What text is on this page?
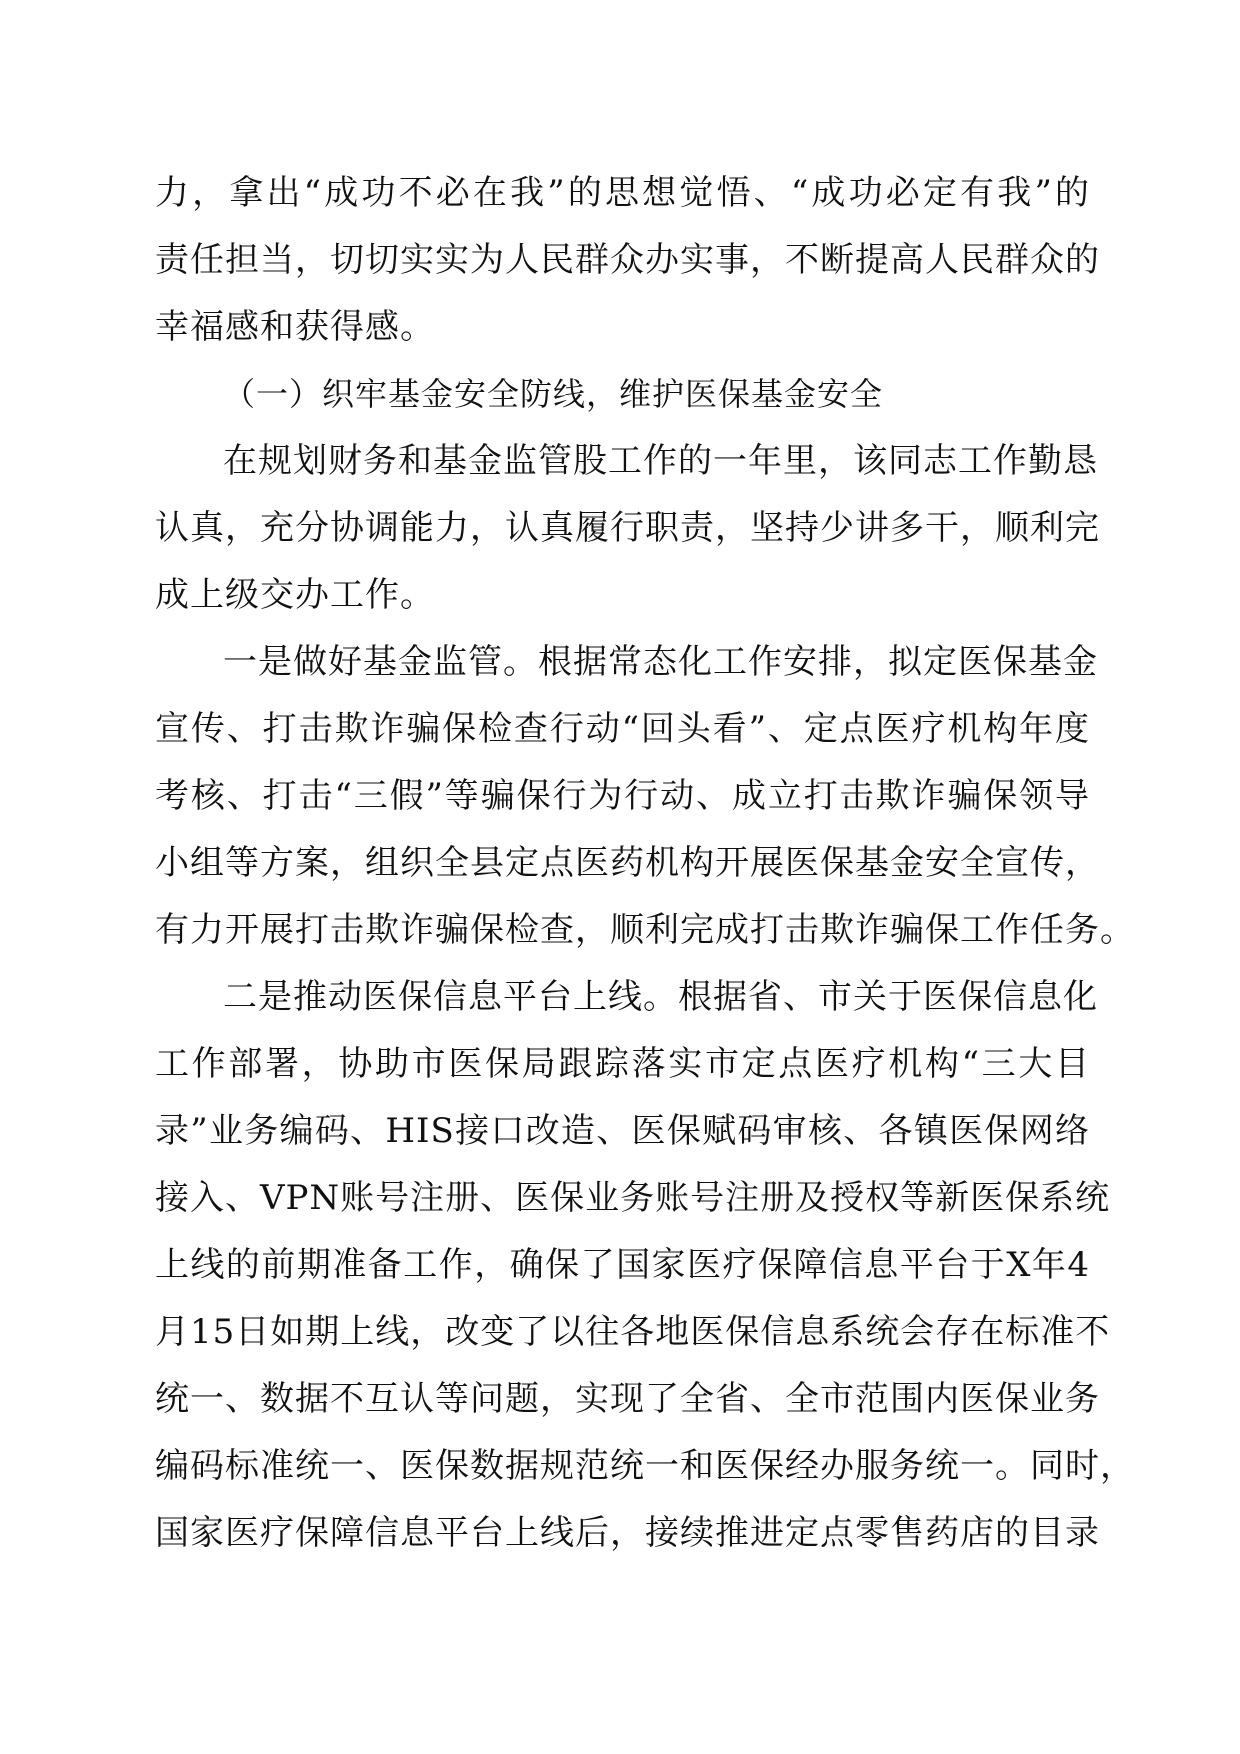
力，拿出“成功不必在我”的思想觉悟、“成功必定有我”的
责任担当，切切实实为人民群众办实事，不断提高人民群众的
幸福感和获得感。
（一）织牢基金安全防线，维护医保基金安全
在规划财务和基金监管股工作的一年里，该同志工作勤恳
认真，充分协调能力，认真履行职责，坚持少讲多干，顺利完
成上级交办工作。
一是做好基金监管。根据常态化工作安排，拟定医保基金
宣传、打击欺诈骗保检查行动“回头看”、定点医疗机构年度
考核、打击“三假”等骗保行为行动、成立打击欺诈骗保领导
小组等方案，组织全县定点医药机构开展医保基金安全宣传，
有力开展打击欺诈骗保检查，顺利完成打击欺诈骗保工作任务。
二是推动医保信息平台上线。根据省、市关于医保信息化
工作部署，协助市医保局跟踪落实市定点医疗机构“三大目
录”业务编码、HIS接口改造、医保赋码审核、各镇医保网络
接入、VPN账号注册、医保业务账号注册及授权等新医保系统
上线的前期准备工作，确保了国家医疗保障信息平台于X年4
月15日如期上线，改变了以往各地医保信息系统会存在标准不
统一、数据不互认等问题，实现了全省、全市范围内医保业务
编码标准统一、医保数据规范统一和医保经办服务统一。同时，
国家医疗保障信息平台上线后，接续推进定点零售药店的目录
